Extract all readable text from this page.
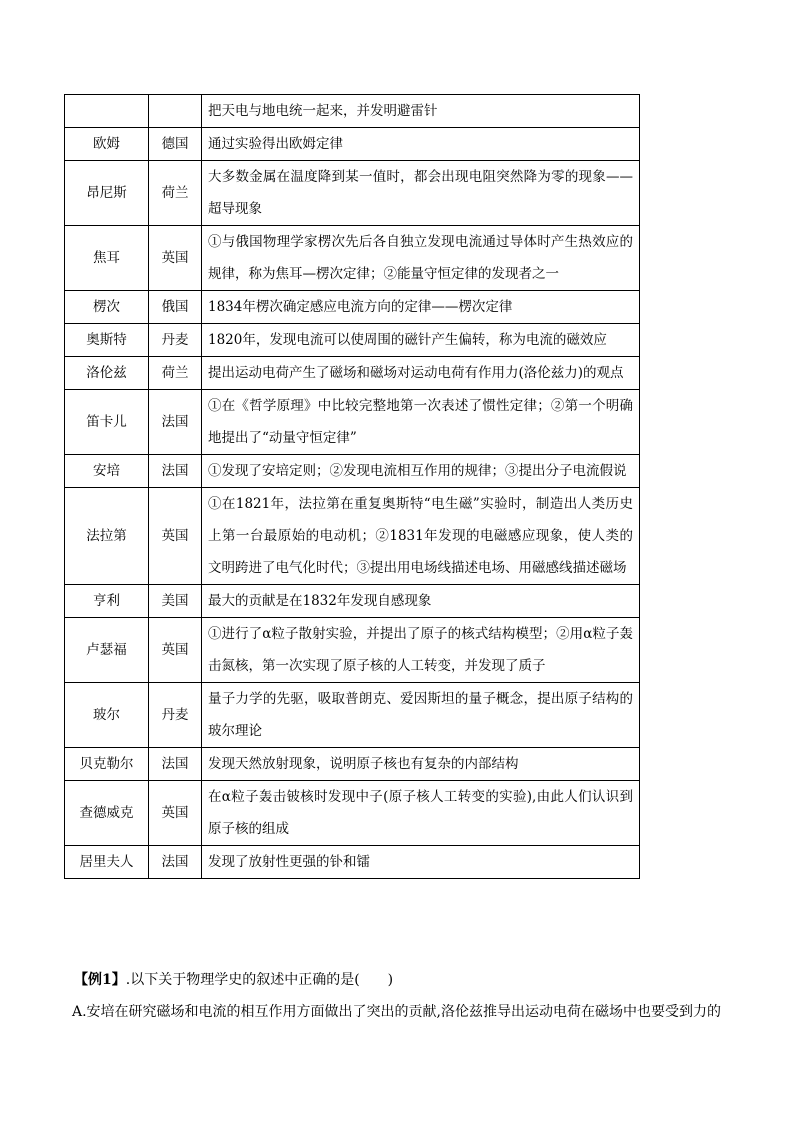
		把天电与地电统一起来，并发明避雷针
欧姆	德国	通过实验得出欧姆定律
昂尼斯	荷兰	大多数金属在温度降到某一值时，都会出现电阻突然降为零的现象——超导现象
焦耳	英国	①与俄国物理学家楞次先后各自独立发现电流通过导体时产生热效应的规律，称为焦耳—楞次定律；②能量守恒定律的发现者之一
楞次	俄国	1834年楞次确定感应电流方向的定律——楞次定律
奥斯特	丹麦	1820年，发现电流可以使周围的磁针产生偏转，称为电流的磁效应
洛伦兹	荷兰	提出运动电荷产生了磁场和磁场对运动电荷有作用力(洛伦兹力)的观点
笛卡儿	法国	①在《哲学原理》中比较完整地第一次表述了惯性定律；②第一个明确地提出了“动量守恒定律”
安培	法国	①发现了安培定则；②发现电流相互作用的规律；③提出分子电流假说
法拉第	英国	①在1821年，法拉第在重复奥斯特“电生磁”实验时，制造出人类历史上第一台最原始的电动机；②1831年发现的电磁感应现象，使人类的文明跨进了电气化时代；③提出用电场线描述电场、用磁感线描述磁场
亨利	美国	最大的贡献是在1832年发现自感现象
卢瑟福	英国	①进行了α粒子散射实验，并提出了原子的核式结构模型；②用α粒子轰击氮核，第一次实现了原子核的人工转变，并发现了质子
玻尔	丹麦	量子力学的先驱，吸取普朗克、爱因斯坦的量子概念，提出原子结构的玻尔理论
贝克勒尔	法国	发现天然放射现象，说明原子核也有复杂的内部结构
查德威克	英国	在α粒子轰击铍核时发现中子(原子核人工转变的实验),由此人们认识到原子核的组成
居里夫人	法国	发现了放射性更强的钋和镭
【例1】.以下关于物理学史的叙述中正确的是(　　)
A.安培在研究磁场和电流的相互作用方面做出了突出的贡献,洛伦兹推导出运动电荷在磁场中也要受到力的
